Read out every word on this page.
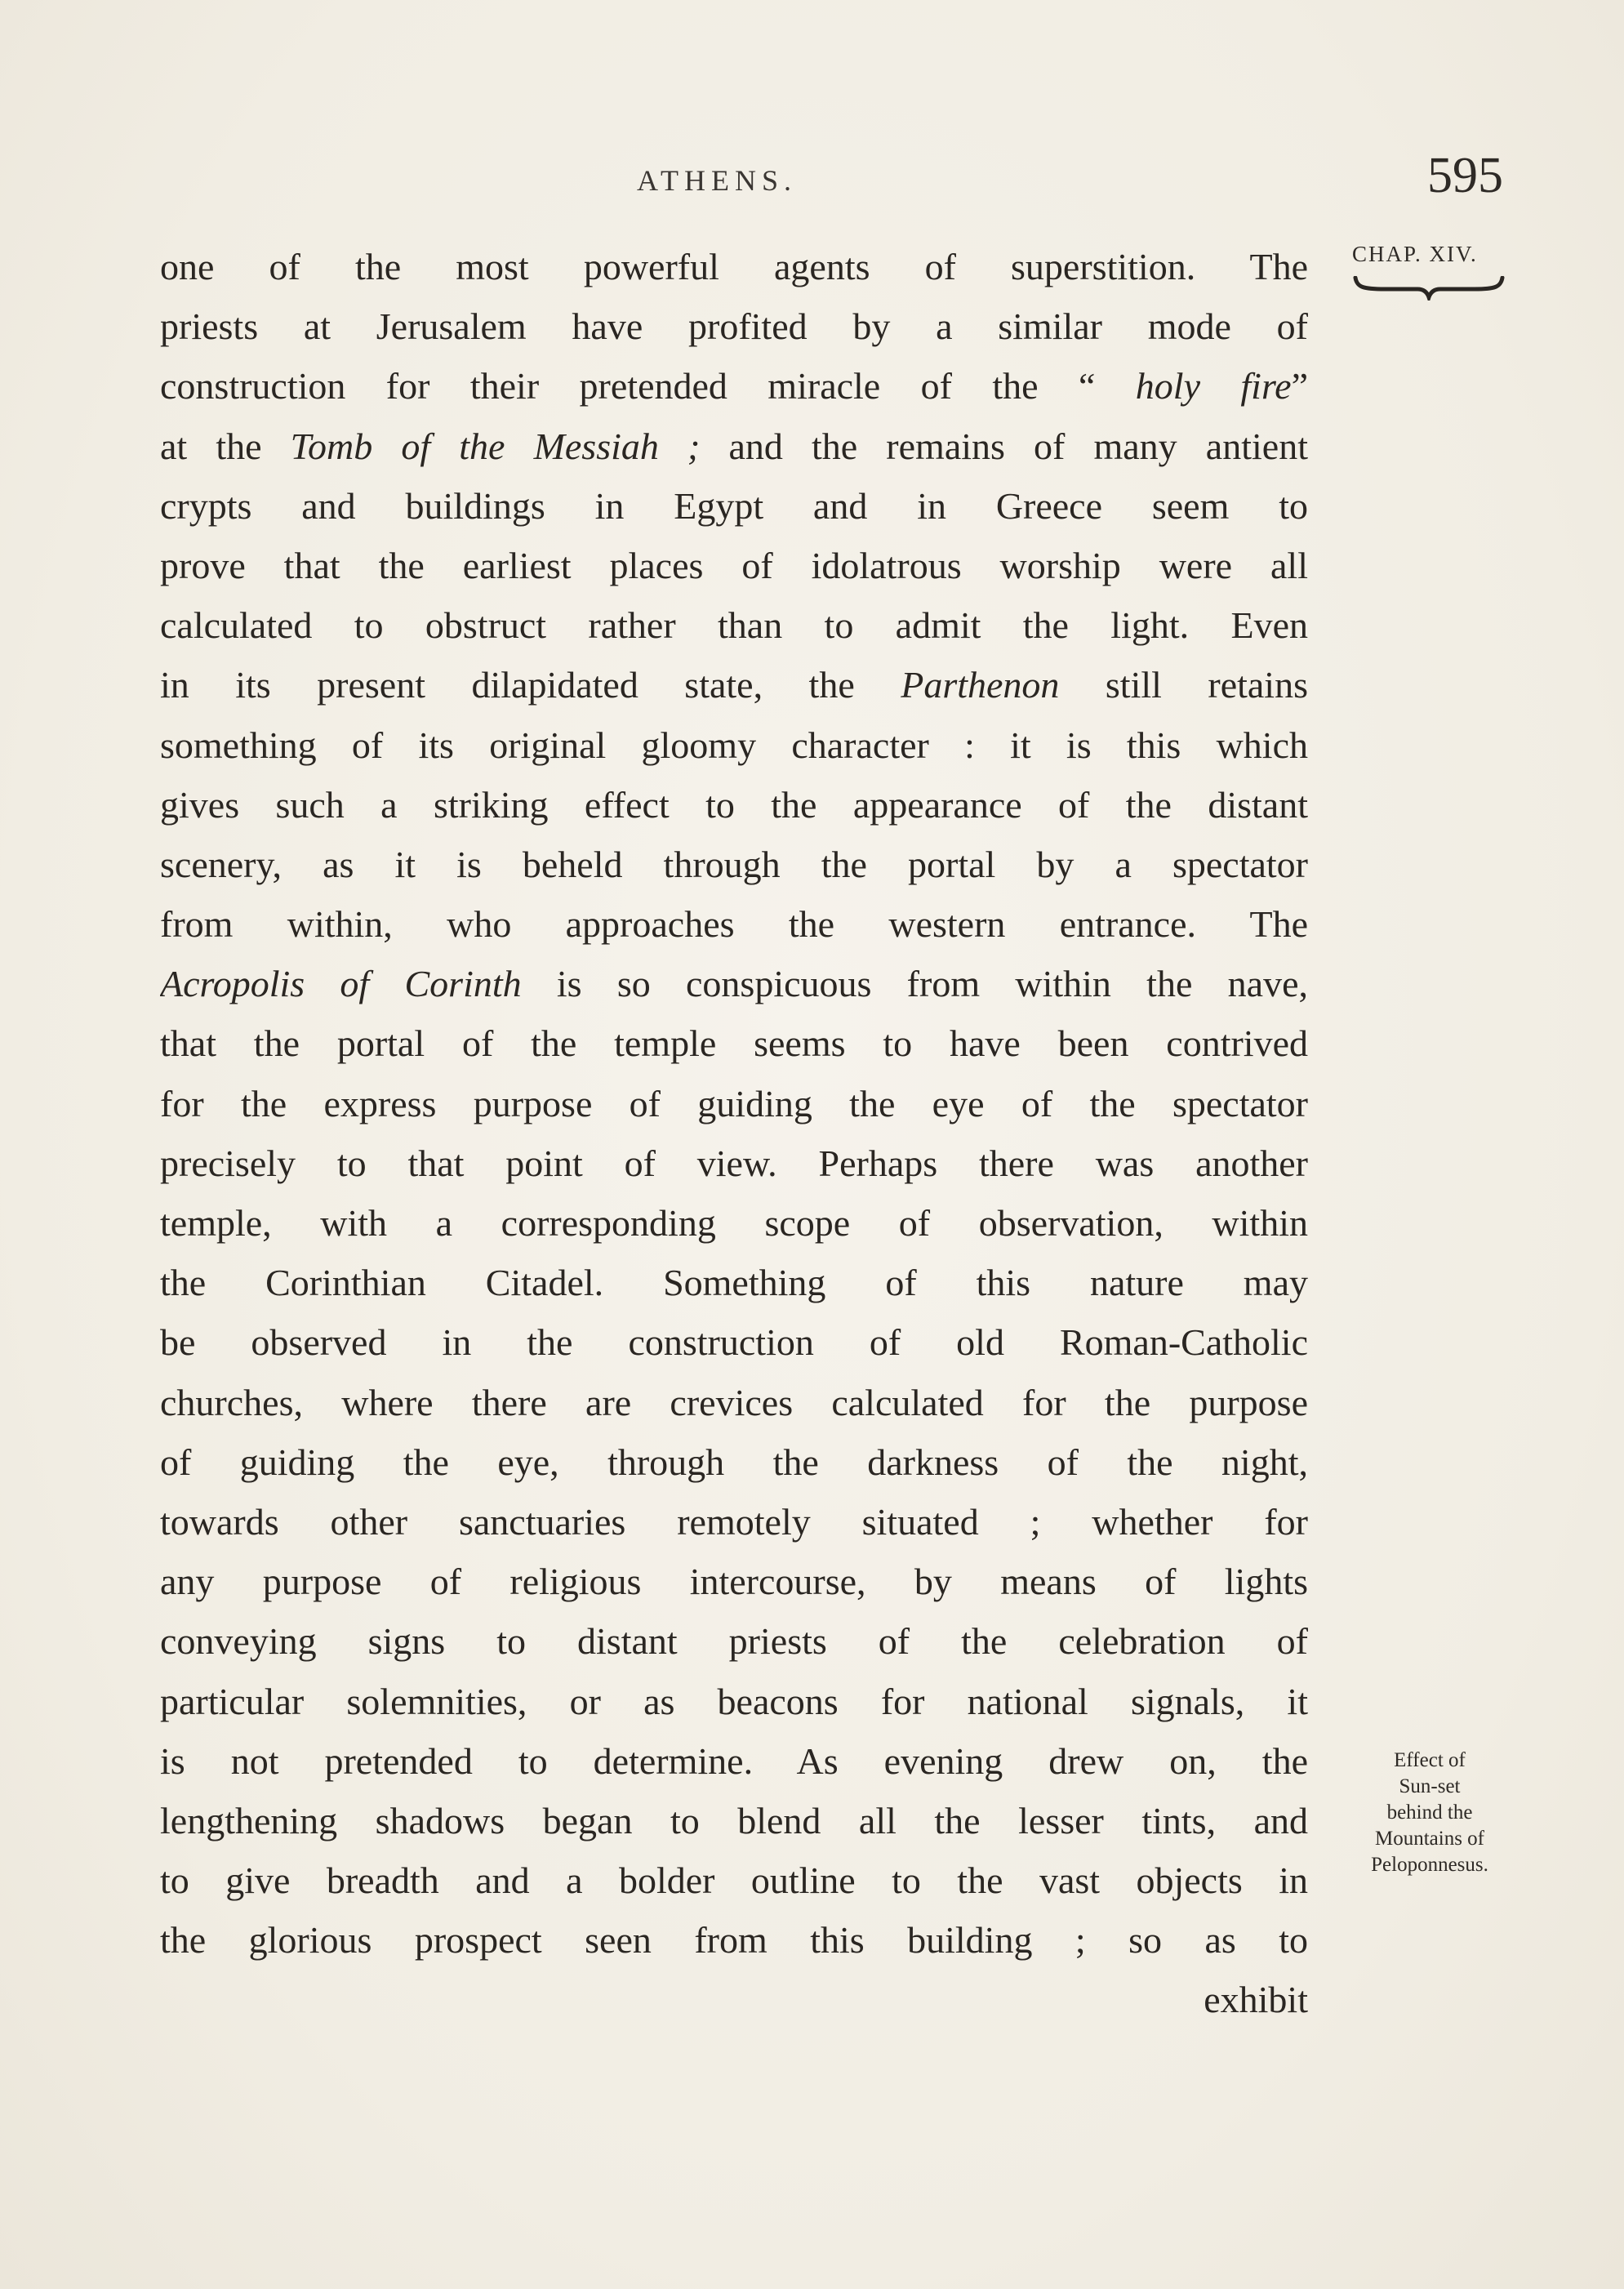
ATHENS.	595
CHAP. XIV.
one of the most powerful agents of superstition. The
priests at Jerusalem have profited by a similar mode of
construction for their pretended miracle of the “ holy fire”
at the Tomb of the Messiah ; and the remains of many antient
crypts and buildings in Egypt and in Greece seem to
prove that the earliest places of idolatrous worship were all
calculated to obstruct rather than to admit the light. Even
in its present dilapidated state, the Parthenon still retains
something of its original gloomy character : it is this which
gives such a striking effect to the appearance of the distant
scenery, as it is beheld through the portal by a spectator
from within, who approaches the western entrance. The
Acropolis of Corinth is so conspicuous from within the nave,
that the portal of the temple seems to have been contrived
for the express purpose of guiding the eye of the spectator
precisely to that point of view. Perhaps there was another
temple, with a corresponding scope of observation, within
the Corinthian Citadel. Something of this nature may
be observed in the construction of old Roman-Catholic
churches, where there are crevices calculated for the purpose
of guiding the eye, through the darkness of the night,
towards other sanctuaries remotely situated ; whether for
any purpose of religious intercourse, by means of lights
conveying signs to distant priests of the celebration of
particular solemnities, or as beacons for national signals, it
is not pretended to determine. As evening drew on, the
lengthening shadows began to blend all the lesser tints, and
to give breadth and a bolder outline to the vast objects in
the glorious prospect seen from this building ; so as to
exhibit
Effect of
Sun-set
behind the
Mountains of
Peloponnesus.
